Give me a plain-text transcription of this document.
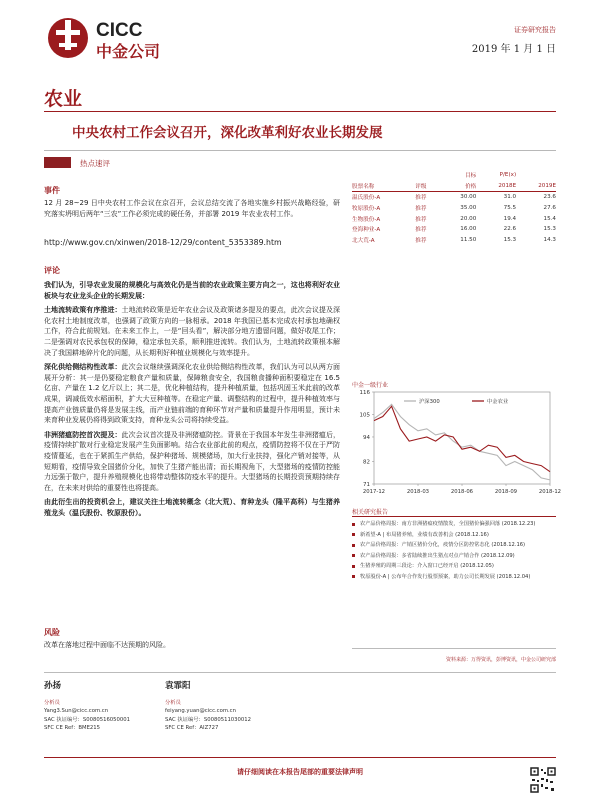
CICC
中金公司
证券研究报告
2019 年 1 月 1 日
农业
中央农村工作会议召开，深化改革利好农业长期发展
热点速评
事件
12 月 28~29 日中央农村工作会议在京召开，会议总结交流了各地实施乡村振兴战略经验，研究落实坍明后两年“三农”工作必须完成的硬任务，并部署 2019 年农业农村工作。
http://www.gov.cn/xinwen/2018-12/29/content_5353389.htm
评论

我们认为，引导农业发展的规模化与高效化仍是当前的农业政策主要方向之一，这也将利好农业板块与农业龙头企业的长期发展：

土地流转政策有序推进：土地流转政策是近年农业会议及政策诸多提及的要点，此次会议提及深化农村土地制度改革，也强调了政策方向的一脉相承。2018 年我国已基本完成农村承包地确权工作，符合此前规划。在未来工作上，一是“回头看”，解决部分地方遗留问题，做好收尾工作；二是强调对农民承包权的保障，稳定承包关系，顺利推进流转。我们认为，土地流转政策根本解决了我国耕地碎片化的问题，从长期利好种植业规模化与效率提升。

深化供给侧结构性改革：此次会议继续强调深化农业供给侧结构性改革，我们认为可以从两方面展开分析：其一是仍要稳定粮食产量和质量，保障粮食安全，我国粮食播种面积要稳定在 16.5 亿亩、产量在 1.2 亿斤以上；其二是，优化种植结构，提升种植质量，包括巩固玉米此前的改革成果，调减低效水稻面积，扩大大豆种植等。在稳定产量、调整结构的过程中，提升种植效率与提高产业链质量仍将是发展主线，而产业链前端的育种环节对产量和质量提升作用明显，预计未来育种业发展仍将得到政策支持，育种龙头公司将持续受益。

非洲猪瘟防控首次提及：此次会议首次提及非洲猪瘟防控。背景在于我国本年发生非洲猪瘟后，疫情持续扩散对行业稳定发展产生负面影响。结合农业部此前的观点，疫情防控将不仅在于严防疫情蔓延，也在于紧抓生产供给，保护种猪场、规模猪场，加大行业扶持，强化产销对接等，从短期看，疫情导致全国猪价分化，加快了生猪产能出清；而长期视角下，大型猪场的疫情防控能力远强于散户，提升养殖规模化也将带动整体防疫水平的提升。大型猪场的长期投资预期持续存在，在未来对供给的重要性也将提高。

由此衍生出的投资机会上，建议关注土地流转概念（北大荒）、育种龙头（隆平高科）与生猪养殖龙头（温氏股份、牧原股份）。

风险
改革在落地过程中面临不达预期的风险。
		目标	P/E(x)	
股票名称	评级	价格	2018E	2019E

温氏股份-A	推荐	30.00	31.0	23.6
牧原股份-A	推荐	35.00	75.5	27.6
生物股份-A	推荐	20.00	19.4	15.4
登海种业-A	推荐	16.00	22.6	15.3
北大荒-A	推荐	11.50	15.3	14.3
中金一级行业
71
82
94
105
116
2017-12	2018-03	2018-06	2018-09	2018-12
沪深300	中金农业
相关研究报告
农产品价格周报：南方非洲猪瘟疫情散发，全国猪价偏强回落 (2018.12.23)
新希望-A | 布局猪养殖，业绩有改善机会 (2018.12.16)
农产品价格周报：产销区猪价分化，疫情分区防控常态化 (2018.12.16)
农产品价格周报：多省陆续推出生猪点对点产销合作 (2018.12.09)
生猪养殖的周期三段论：介入窗口已经开启 (2018.12.05)
牧原股份-A | 公布年合作发行股票预案，助力公司长期发展 (2018.12.04)
资料来源：万得资讯，彭博资讯，中金公司研究部
孙扬
分析员
Yang3.Sun@cicc.com.cn
SAC 执证编号：S0080516050001
SFC CE Ref：BME215
袁霏阳
分析员
feiyang.yuan@cicc.com.cn
SAC 执证编号：S0080511030012
SFC CE Ref：AIZ727
请仔细阅读在本报告尾部的重要法律声明
